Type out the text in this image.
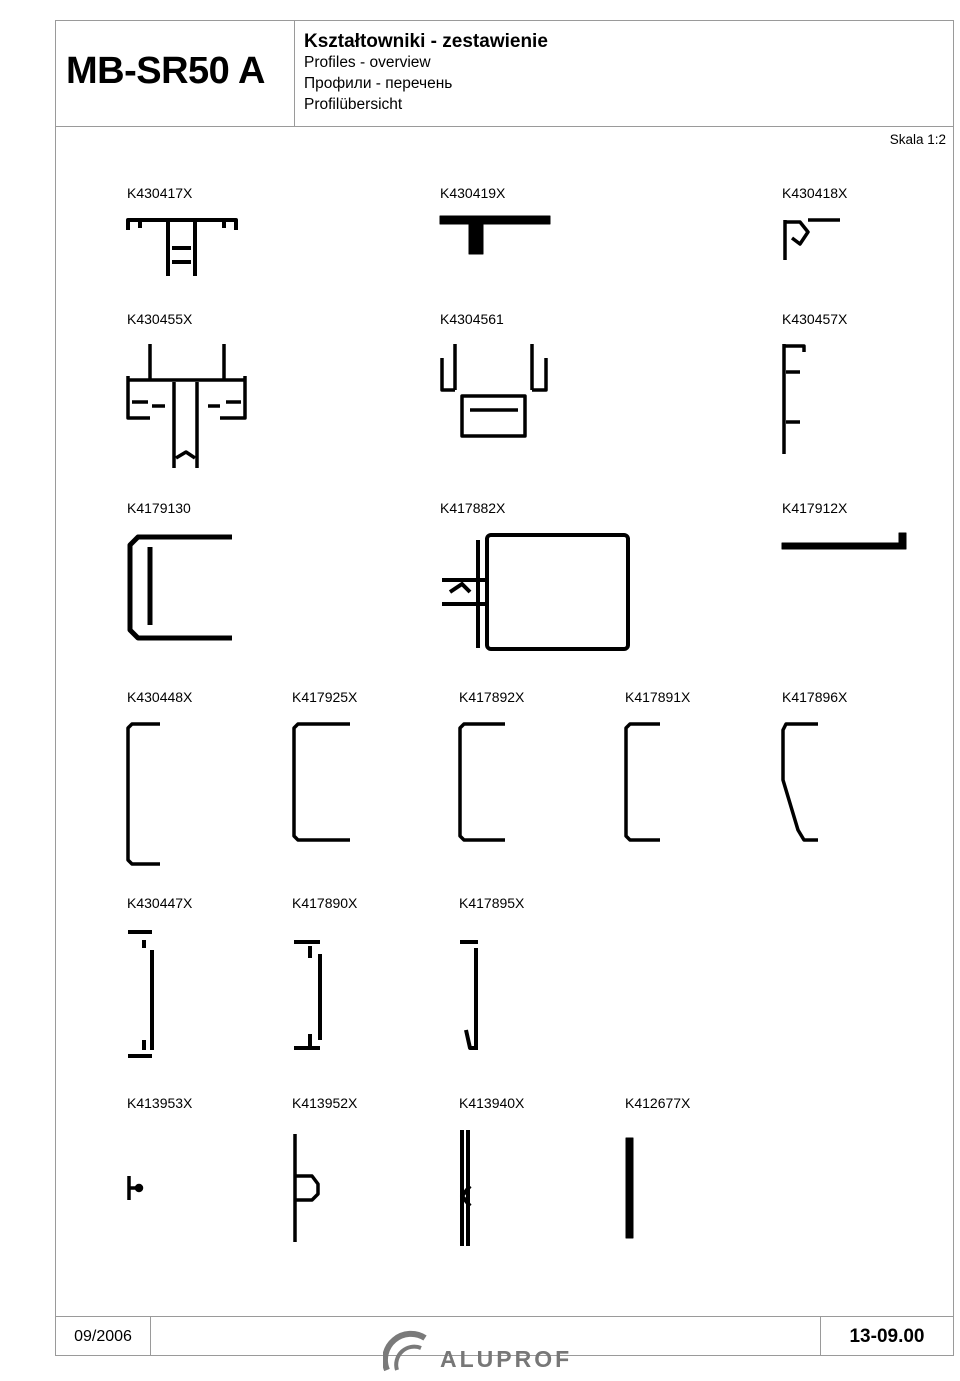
MB-SR50 A
Kształtowniki - zestawienie
Profiles - overview
Профили - перечень
Profilübersicht
Skala 1:2
K430417X	K430419X	K430418X
K430455X	K4304561	K430457X
K4179130	K417882X	K417912X
K430448X	K417925X	K417892X	K417891X	K417896X
K430447X	K417890X	K417895X
K413953X	K413952X	K413940X	K412677X
09/2006	13-09.00
ALUPROF
